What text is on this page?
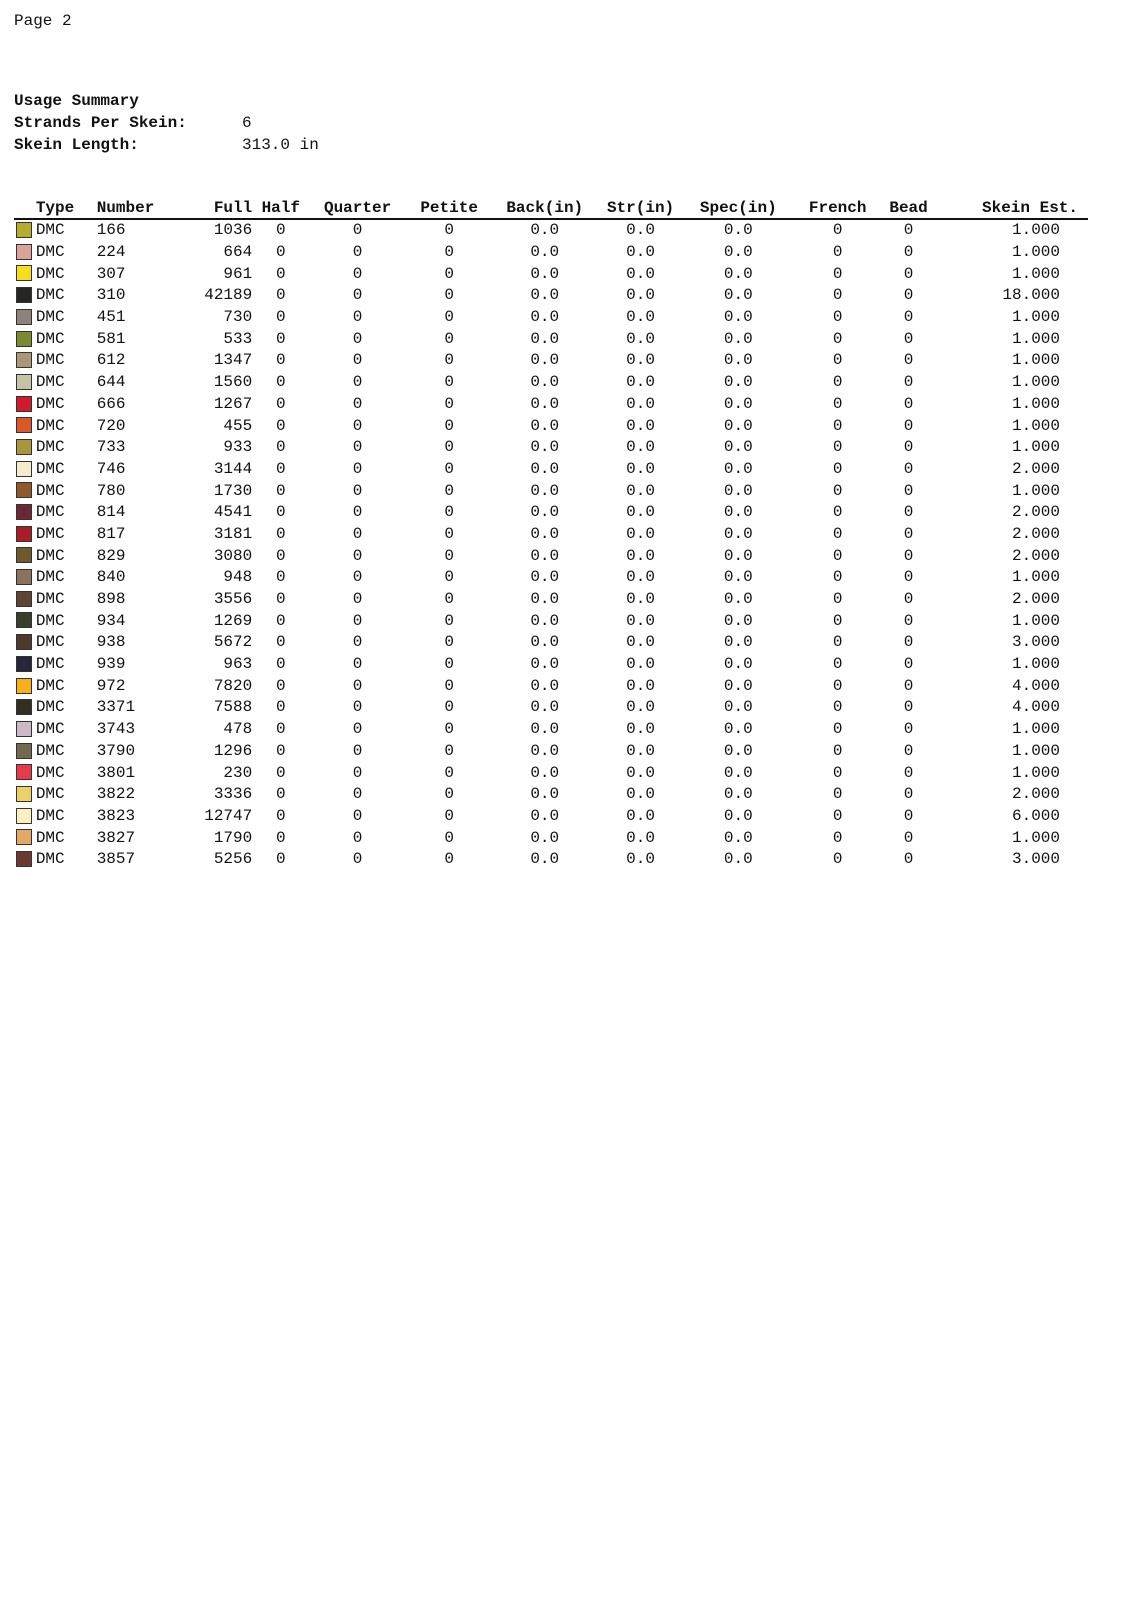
Page 2
Usage Summary
Strands Per Skein:	6
Skein Length:	313.0 in
	Type	Number	Full	Half	Quarter	Petite	Back(in)	Str(in)	Spec(in)	French	Bead	Skein Est.
	DMC	166	1036	0	0	0	0.0	0.0	0.0	0	0	1.000
	DMC	224	664	0	0	0	0.0	0.0	0.0	0	0	1.000
	DMC	307	961	0	0	0	0.0	0.0	0.0	0	0	1.000
	DMC	310	42189	0	0	0	0.0	0.0	0.0	0	0	18.000
	DMC	451	730	0	0	0	0.0	0.0	0.0	0	0	1.000
	DMC	581	533	0	0	0	0.0	0.0	0.0	0	0	1.000
	DMC	612	1347	0	0	0	0.0	0.0	0.0	0	0	1.000
	DMC	644	1560	0	0	0	0.0	0.0	0.0	0	0	1.000
	DMC	666	1267	0	0	0	0.0	0.0	0.0	0	0	1.000
	DMC	720	455	0	0	0	0.0	0.0	0.0	0	0	1.000
	DMC	733	933	0	0	0	0.0	0.0	0.0	0	0	1.000
	DMC	746	3144	0	0	0	0.0	0.0	0.0	0	0	2.000
	DMC	780	1730	0	0	0	0.0	0.0	0.0	0	0	1.000
	DMC	814	4541	0	0	0	0.0	0.0	0.0	0	0	2.000
	DMC	817	3181	0	0	0	0.0	0.0	0.0	0	0	2.000
	DMC	829	3080	0	0	0	0.0	0.0	0.0	0	0	2.000
	DMC	840	948	0	0	0	0.0	0.0	0.0	0	0	1.000
	DMC	898	3556	0	0	0	0.0	0.0	0.0	0	0	2.000
	DMC	934	1269	0	0	0	0.0	0.0	0.0	0	0	1.000
	DMC	938	5672	0	0	0	0.0	0.0	0.0	0	0	3.000
	DMC	939	963	0	0	0	0.0	0.0	0.0	0	0	1.000
	DMC	972	7820	0	0	0	0.0	0.0	0.0	0	0	4.000
	DMC	3371	7588	0	0	0	0.0	0.0	0.0	0	0	4.000
	DMC	3743	478	0	0	0	0.0	0.0	0.0	0	0	1.000
	DMC	3790	1296	0	0	0	0.0	0.0	0.0	0	0	1.000
	DMC	3801	230	0	0	0	0.0	0.0	0.0	0	0	1.000
	DMC	3822	3336	0	0	0	0.0	0.0	0.0	0	0	2.000
	DMC	3823	12747	0	0	0	0.0	0.0	0.0	0	0	6.000
	DMC	3827	1790	0	0	0	0.0	0.0	0.0	0	0	1.000
	DMC	3857	5256	0	0	0	0.0	0.0	0.0	0	0	3.000
